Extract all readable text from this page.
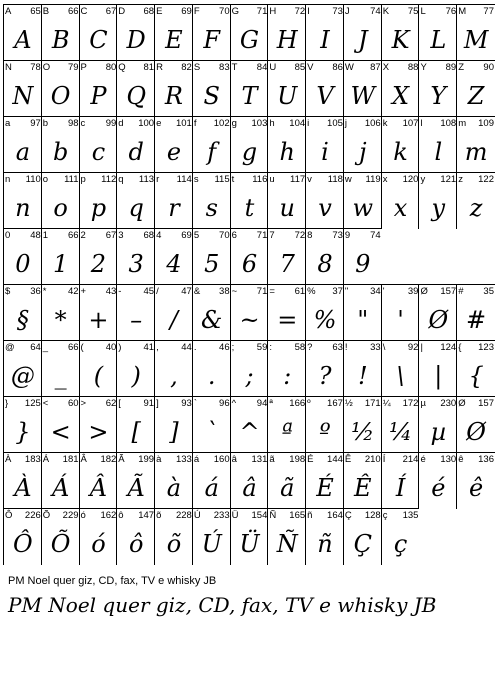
A 65
A
B 66
B
C 67
C
D 68
D
E 69
E
F 70
F
G 71
G
H 72
H
I 73
I
J 74
J
K 75
K
L 76
L
M 77
M
N 78
N
O 79
O
P 80
P
Q 81
Q
R 82
R
S 83
S
T 84
T
U 85
U
V 86
V
W 87
W
X 88
X
Y 89
Y
Z 90
Z
a 97
a
b 98
b
c 99
c
d 100
d
e 101
e
f 102
f
g 103
g
h 104
h
i 105
i
j 106
j
k 107
k
l 108
l
m 109
m
n 110
n
o 111
o
p 112
p
q 113
q
r 114
r
s 115
s
t 116
t
u 117
u
v 118
v
w 119
w
x 120
x
y 121
y
z 122
z
0 48
0
1 66
1
2 67
2
3 68
3
4 69
4
5 70
5
6 71
6
7 72
7
8 73
8
9 74
9
$ 36
§
* 42
*
+ 43
+
- 45
–
/ 47
/
& 38
&
~ 71
~
= 61
=
% 37
%
" 34
"
' 39
'
Ø 157
Ø
# 35
#
@ 64
@
_ 66
_
( 40
(
) 41
)
, 44
,
. 46
.
; 59
;
: 58
:
? 63
?
! 33
!
\ 92
\
| 124
|
{ 123
{
} 125
}
< 60
<
> 62
>
[ 91
[
] 93
]
` 96
`
^ 94
^
ª 166
ª
º 167
º
½ 171
½
¼ 172
¼
µ 230
µ
Ø 157
Ø
À 183
À
Á 181
Á
Â 182
Â
Ã 199
Ã
à 133
à
á 160
á
â 131
â
ã 198
ã
É 144
É
Ê 210
Ê
Í 214
Í
é 130
é
ê 136
ê
Ô 226
Ô
Õ 229
Õ
ó 162
ó
ô 147
ô
õ 228
õ
Ú 233
Ú
Ü 154
Ü
Ñ 165
Ñ
ñ 164
ñ
Ç 128
Ç
ç 135
ç
PM Noel quer giz, CD, fax, TV e whisky JB
PM Noel quer giz, CD, fax, TV e whisky JB
